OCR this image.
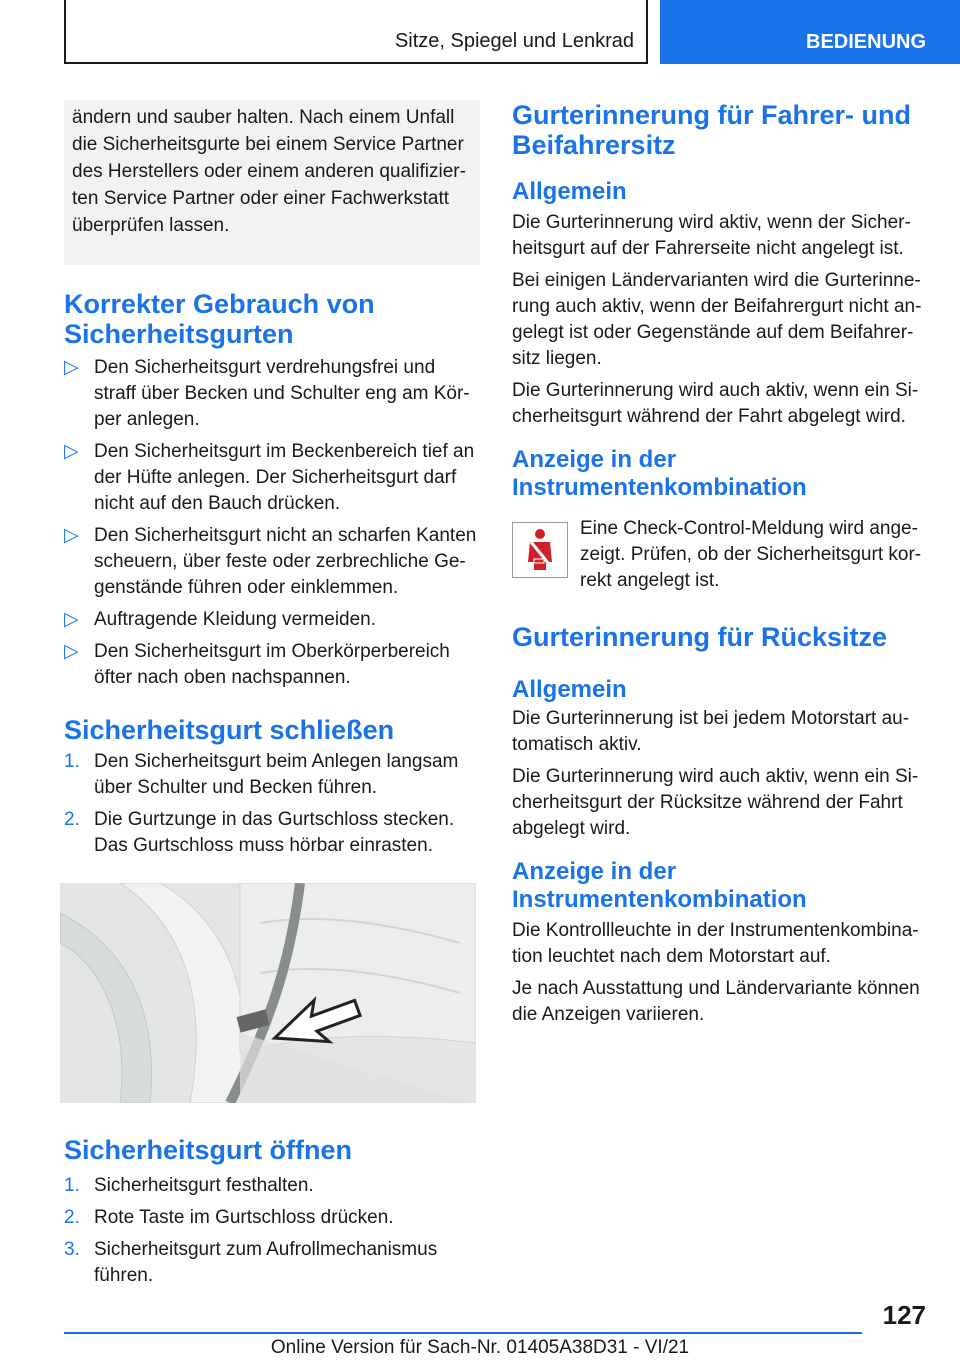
Sitze, Spiegel und Lenkrad	BEDIENUNG
ändern und sauber halten. Nach einem Unfall die Sicherheitsgurte bei einem Service Partner des Herstellers oder einem anderen qualifizier-ten Service Partner oder einer Fachwerkstatt überprüfen lassen.
Korrekter Gebrauch von Sicherheitsgurten
▷ Den Sicherheitsgurt verdrehungsfrei und straff über Becken und Schulter eng am Kör-per anlegen.
▷ Den Sicherheitsgurt im Beckenbereich tief an der Hüfte anlegen. Der Sicherheitsgurt darf nicht auf den Bauch drücken.
▷ Den Sicherheitsgurt nicht an scharfen Kanten scheuern, über feste oder zerbrechliche Ge-genstände führen oder einklemmen.
▷ Auftragende Kleidung vermeiden.
▷ Den Sicherheitsgurt im Oberkörperbereich öfter nach oben nachspannen.
Sicherheitsgurt schließen
1. Den Sicherheitsgurt beim Anlegen langsam über Schulter und Becken führen.
2. Die Gurtzunge in das Gurtschloss stecken. Das Gurtschloss muss hörbar einrasten.
Sicherheitsgurt öffnen
1. Sicherheitsgurt festhalten.
2. Rote Taste im Gurtschloss drücken.
3. Sicherheitsgurt zum Aufrollmechanismus führen.
Gurterinnerung für Fahrer- und Beifahrersitz
Allgemein

Die Gurterinnerung wird aktiv, wenn der Sicher-heitsgurt auf der Fahrerseite nicht angelegt ist.

Bei einigen Ländervarianten wird die Gurterinne-rung auch aktiv, wenn der Beifahrergurt nicht an-gelegt ist oder Gegenstände auf dem Beifahrer-sitz liegen.

Die Gurterinnerung wird auch aktiv, wenn ein Si-cherheitsgurt während der Fahrt abgelegt wird.

Anzeige in der Instrumentenkombination

Eine Check-Control-Meldung wird ange-zeigt. Prüfen, ob der Sicherheitsgurt kor-rekt angelegt ist.

Gurterinnerung für Rücksitze
Allgemein

Die Gurterinnerung ist bei jedem Motorstart au-tomatisch aktiv.

Die Gurterinnerung wird auch aktiv, wenn ein Si-cherheitsgurt der Rücksitze während der Fahrt abgelegt wird.

Anzeige in der Instrumentenkombination

Die Kontrollleuchte in der Instrumentenkombina-tion leuchtet nach dem Motorstart auf.

Je nach Ausstattung und Ländervariante können die Anzeigen variieren.

127
Online Version für Sach-Nr. 01405A38D31 - VI/21
